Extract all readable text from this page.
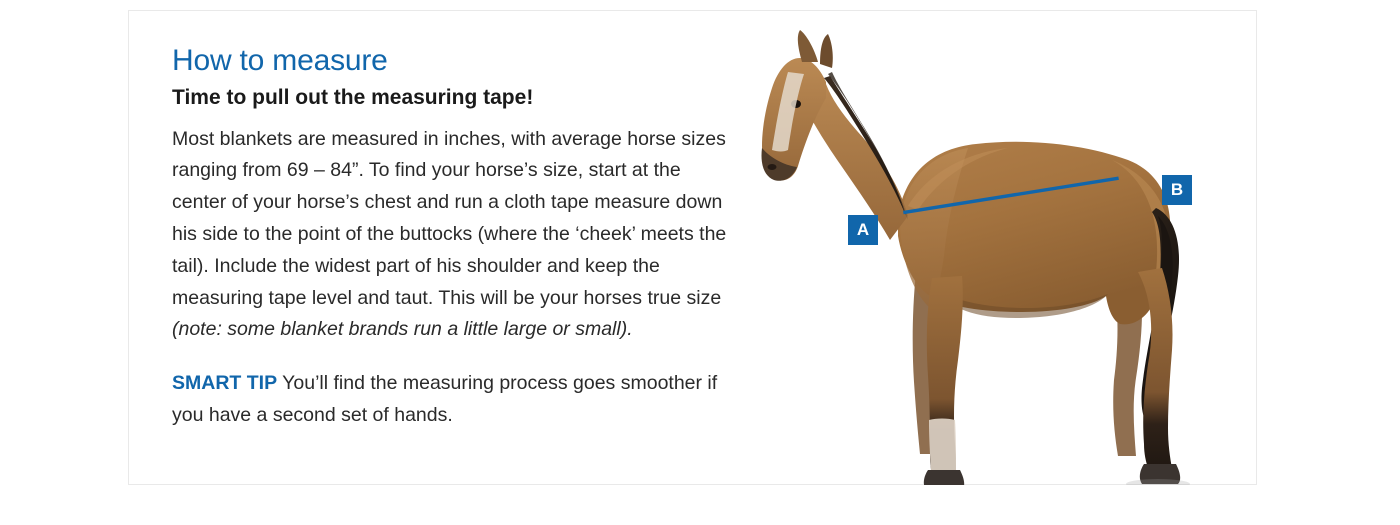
How to measure
Time to pull out the measuring tape!

Most blankets are measured in inches, with average horse sizes ranging from 69 – 84”. To find your horse’s size, start at the center of your horse’s chest and run a cloth tape measure down his side to the point of the buttocks (where the ‘cheek’ meets the tail). Include the widest part of his shoulder and keep the measuring tape level and taut. This will be your horses true size (note: some blanket brands run a little large or small).

SMART TIP You’ll find the measuring process goes smoother if you have a second set of hands.

A
B
